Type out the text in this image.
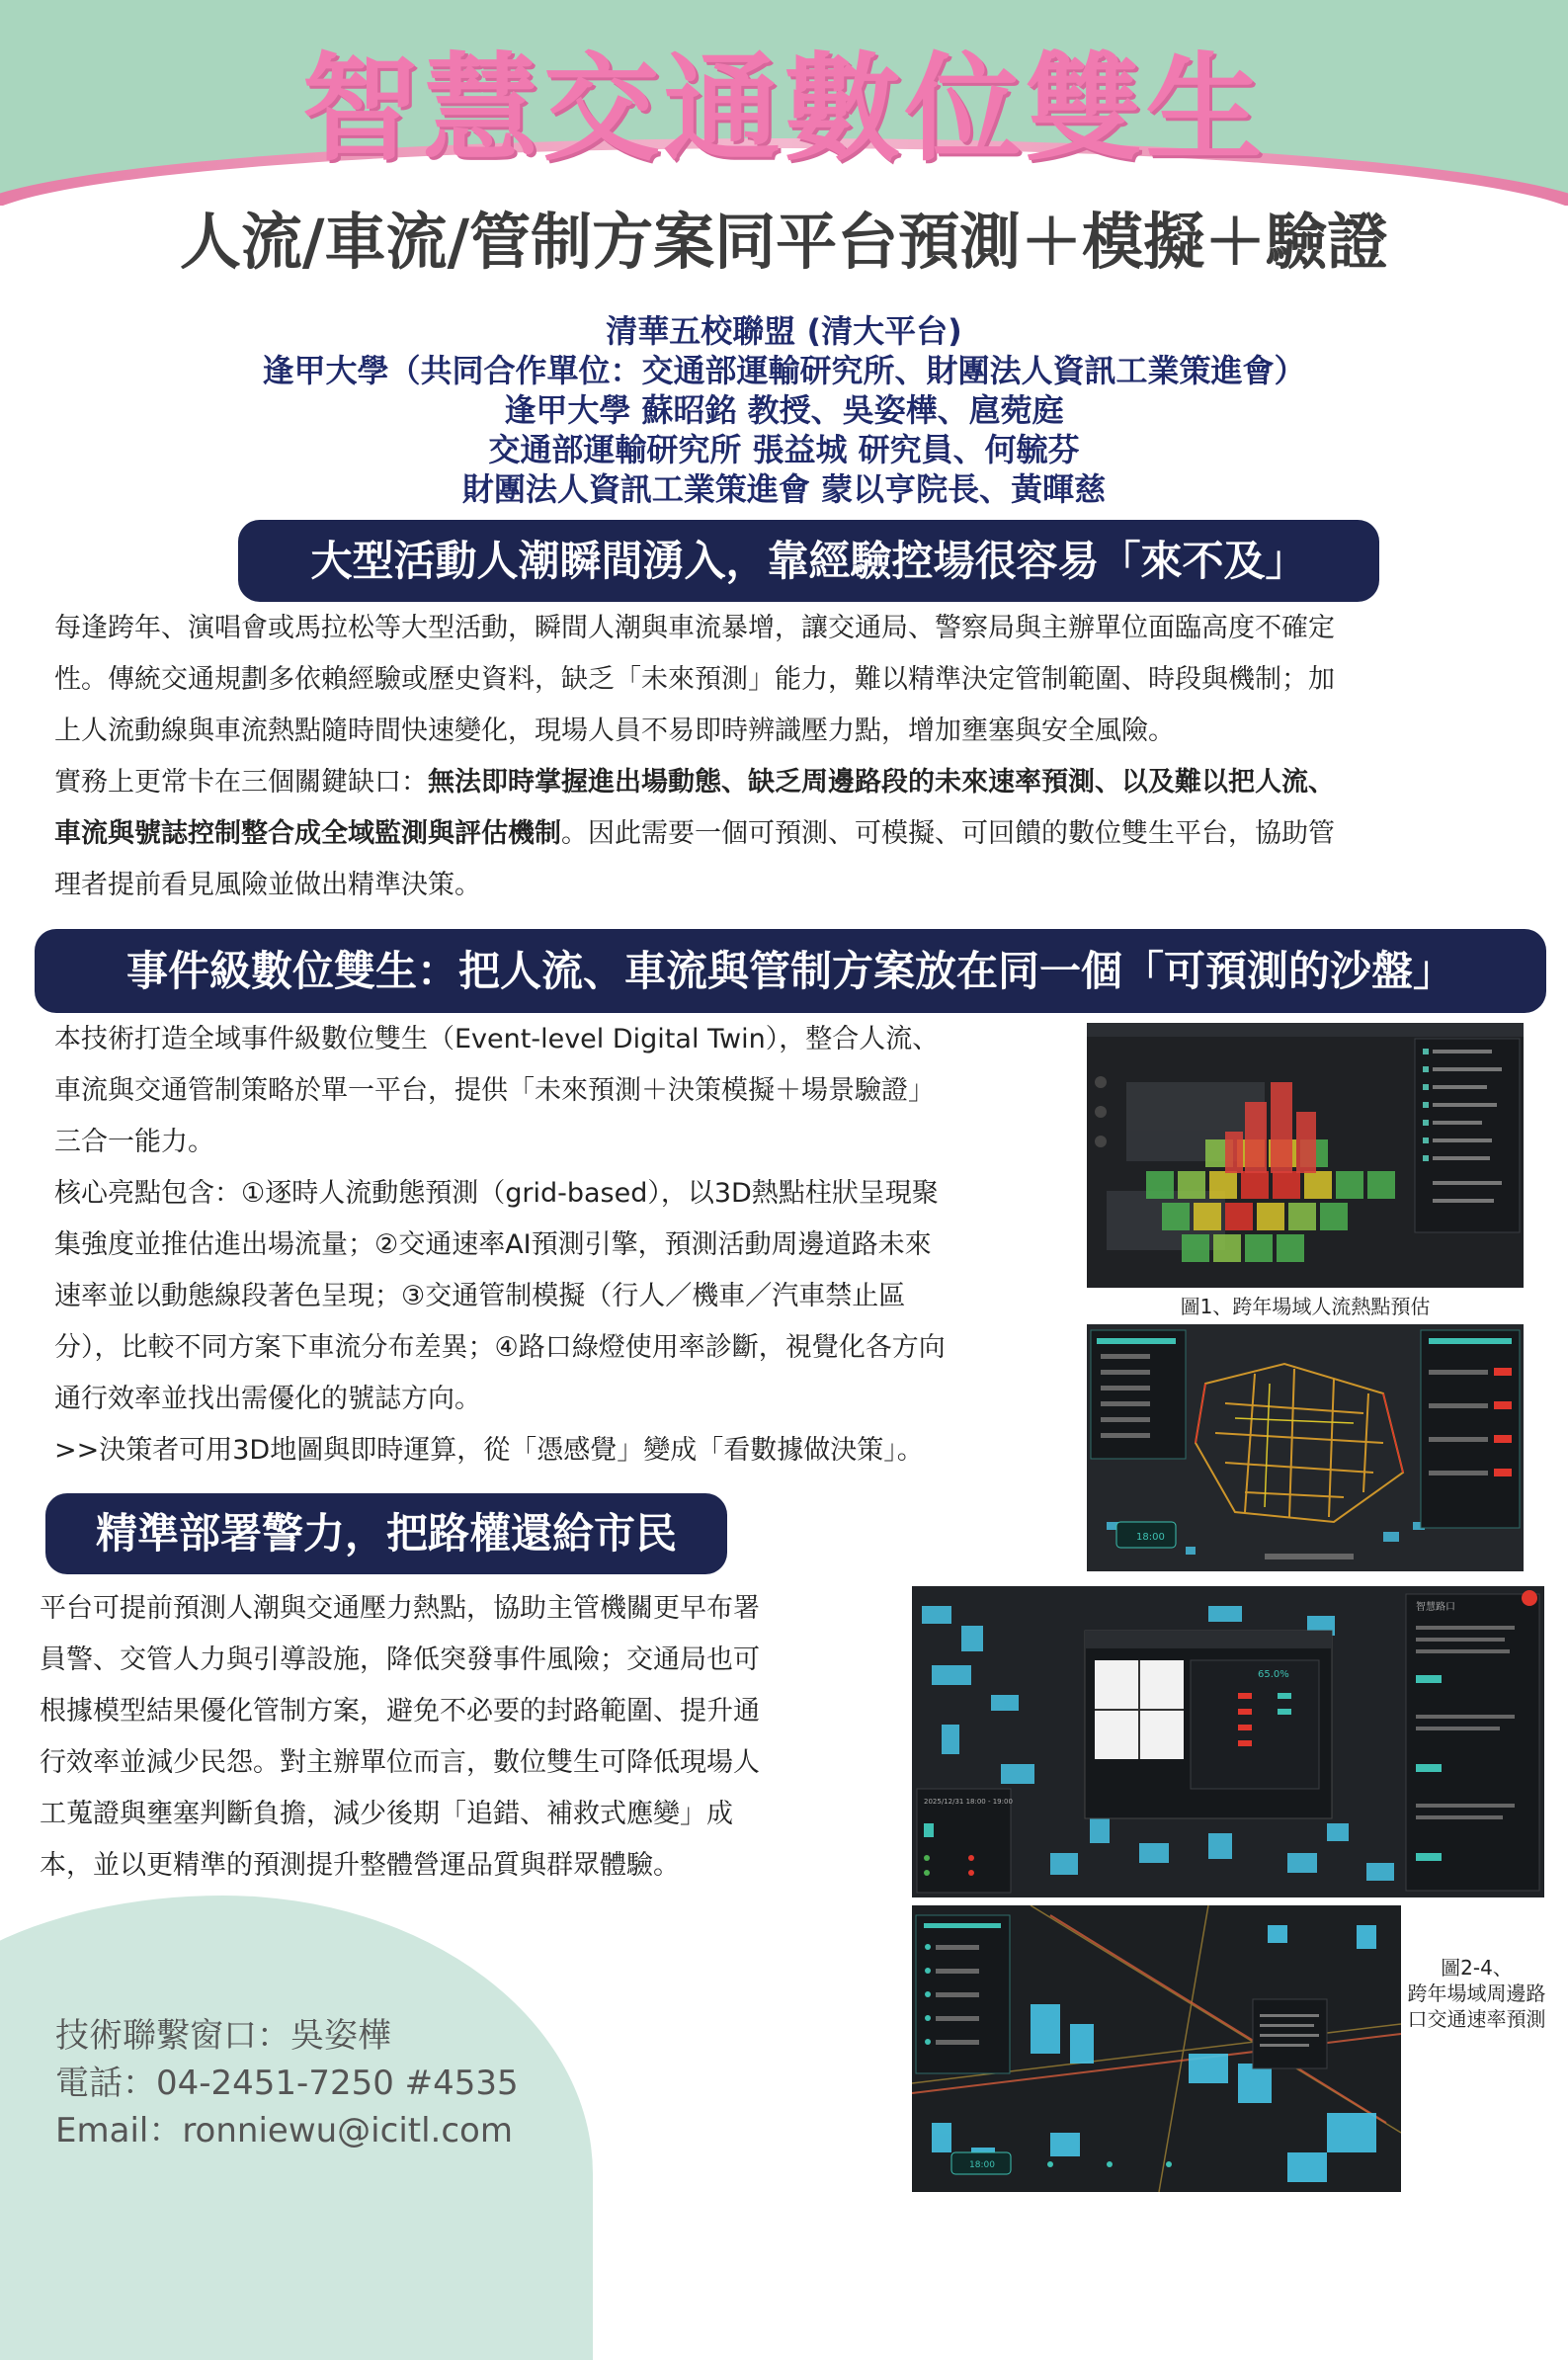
智慧交通數位雙生
人流/車流/管制方案同平台預測＋模擬＋驗證
清華五校聯盟 (清大平台)
逢甲大學（共同合作單位：交通部運輸研究所、財團法人資訊工業策進會）
逢甲大學 蘇昭銘 教授、吳姿樺、扈菀庭
交通部運輸研究所 張益城 研究員、何毓芬
財團法人資訊工業策進會 蒙以亨院長、黃暉慈
大型活動人潮瞬間湧入，靠經驗控場很容易「來不及」
每逢跨年、演唱會或馬拉松等大型活動，瞬間人潮與車流暴增，讓交通局、警察局與主辦單位面臨高度不確定
性。傳統交通規劃多依賴經驗或歷史資料，缺乏「未來預測」能力，難以精準決定管制範圍、時段與機制；加
上人流動線與車流熱點隨時間快速變化，現場人員不易即時辨識壓力點，增加壅塞與安全風險。
實務上更常卡在三個關鍵缺口：無法即時掌握進出場動態、缺乏周邊路段的未來速率預測、以及難以把人流、
車流與號誌控制整合成全域監測與評估機制。因此需要一個可預測、可模擬、可回饋的數位雙生平台，協助管
理者提前看見風險並做出精準決策。
事件級數位雙生：把人流、車流與管制方案放在同一個「可預測的沙盤」
本技術打造全域事件級數位雙生（Event-level Digital Twin），整合人流、
車流與交通管制策略於單一平台，提供「未來預測＋決策模擬＋場景驗證」
三合一能力。
核心亮點包含：①逐時人流動態預測（grid-based），以3D熱點柱狀呈現聚
集強度並推估進出場流量；②交通速率AI預測引擎，預測活動周邊道路未來
速率並以動態線段著色呈現；③交通管制模擬（行人／機車／汽車禁止區
分），比較不同方案下車流分布差異；④路口綠燈使用率診斷，視覺化各方向
通行效率並找出需優化的號誌方向。
>>決策者可用3D地圖與即時運算，從「憑感覺」變成「看數據做決策」。
圖1、跨年場域人流熱點預估
18:00
精準部署警力，把路權還給市民
平台可提前預測人潮與交通壓力熱點，協助主管機關更早布署
員警、交管人力與引導設施，降低突發事件風險；交通局也可
根據模型結果優化管制方案，避免不必要的封路範圍、提升通
行效率並減少民怨。對主辦單位而言，數位雙生可降低現場人
工蒐證與壅塞判斷負擔，減少後期「追錯、補救式應變」成
本，並以更精準的預測提升整體營運品質與群眾體驗。
65.0%
智慧路口
2025/12/31 18:00 - 19:00
18:00
圖2-4、
跨年場域周邊路
口交通速率預測
技術聯繫窗口：吳姿樺
電話：04-2451-7250 #4535
Email：ronniewu@icitl.com
